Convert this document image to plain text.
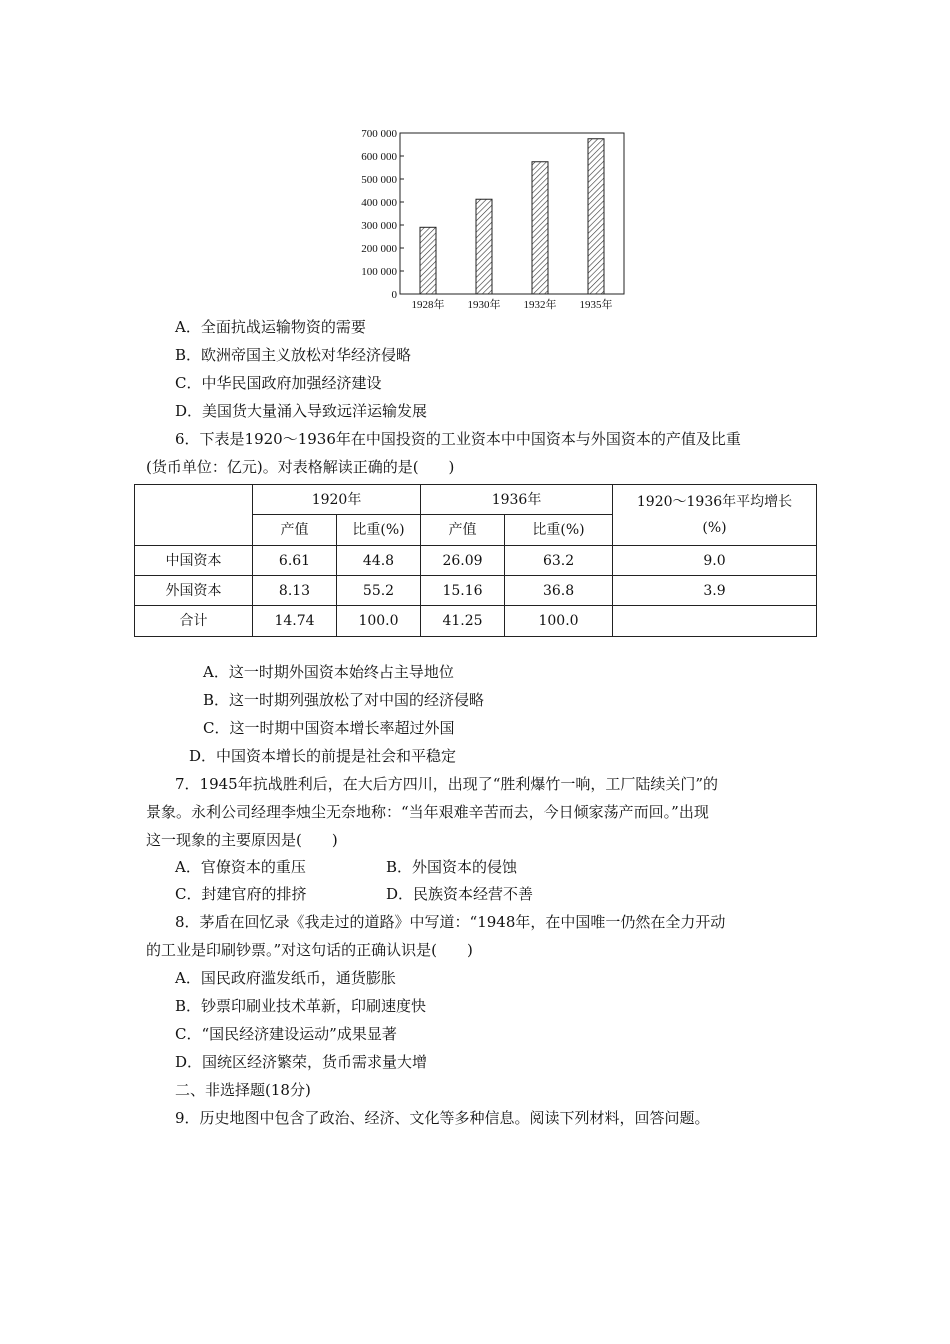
700 000
600 000
500 000
400 000
300 000
200 000
100 000
0
1928年 1930年 1932年 1935年
A．全面抗战运输物资的需要
B．欧洲帝国主义放松对华经济侵略
C．中华民国政府加强经济建设
D．美国货大量涌入导致远洋运输发展
6．下表是1920～1936年在中国投资的工业资本中中国资本与外国资本的产值及比重
(货币单位：亿元)。对表格解读正确的是(　　)
	1920年		1936年		1920～1936年平均增长
(%)

	产值	比重(%)	产值	比重(%)	
中国资本	6.61	44.8	26.09	63.2	9.0
外国资本	8.13	55.2	15.16	36.8	3.9
合计	14.74	100.0	41.25	100.0	
A．这一时期外国资本始终占主导地位
B．这一时期列强放松了对中国的经济侵略
C．这一时期中国资本增长率超过外国
D．中国资本增长的前提是社会和平稳定
7．1945年抗战胜利后，在大后方四川，出现了“胜利爆竹一响，工厂陆续关门”的
景象。永利公司经理李烛尘无奈地称：“当年艰难辛苦而去，今日倾家荡产而回。”出现
这一现象的主要原因是(　　)
A．官僚资本的重压	B．外国资本的侵蚀
C．封建官府的排挤	D．民族资本经营不善
8．茅盾在回忆录《我走过的道路》中写道：“1948年，在中国唯一仍然在全力开动
的工业是印刷钞票。”对这句话的正确认识是(　　)
A．国民政府滥发纸币，通货膨胀
B．钞票印刷业技术革新，印刷速度快
C．“国民经济建设运动”成果显著
D．国统区经济繁荣，货币需求量大增
二、非选择题(18分)
9．历史地图中包含了政治、经济、文化等多种信息。阅读下列材料，回答问题。
